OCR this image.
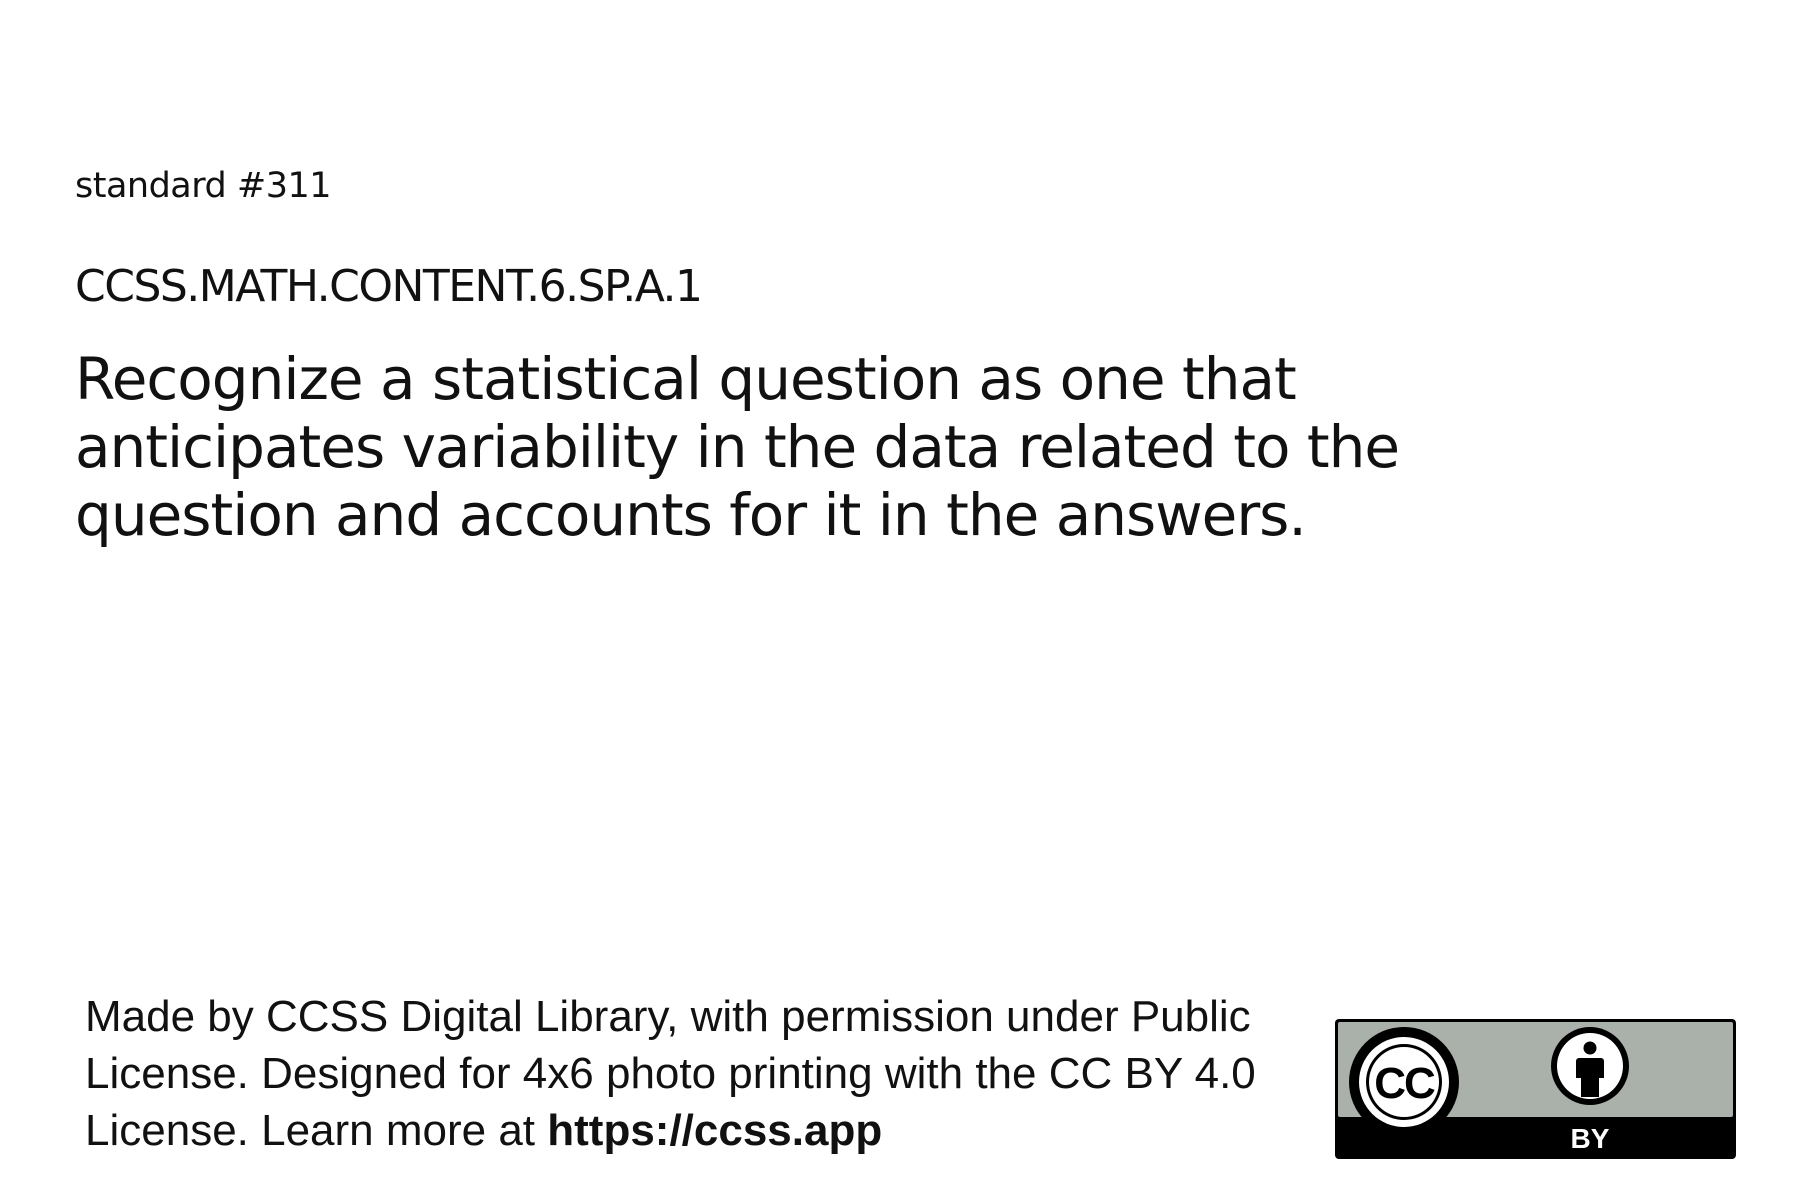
standard #311
CCSS.MATH.CONTENT.6.SP.A.1
Recognize a statistical question as one that anticipates variability in the data related to the question and accounts for it in the answers.
Made by CCSS Digital Library, with permission under Public License. Designed for 4x6 photo printing with the CC BY 4.0 License. Learn more at https://ccss.app
CC
BY
